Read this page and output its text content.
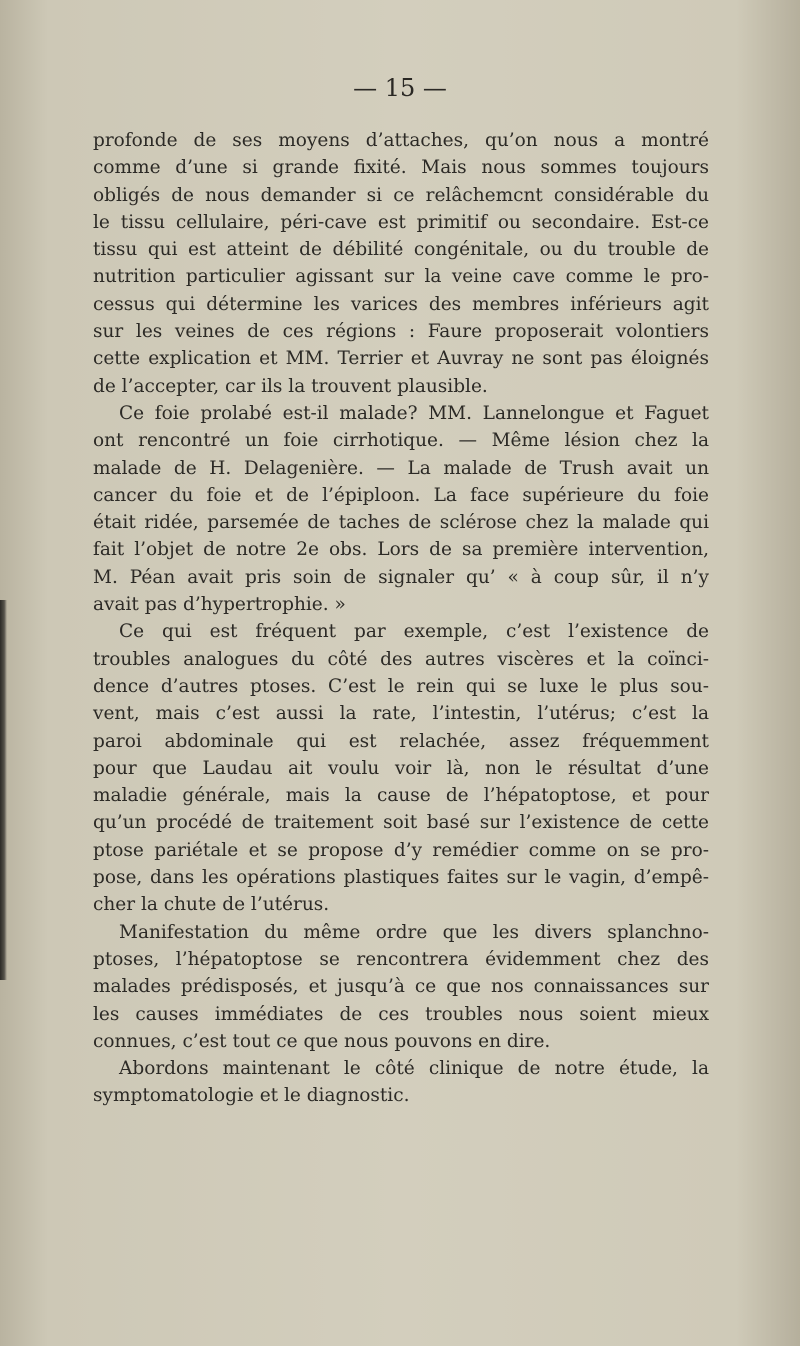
— 15 —
profonde de ses moyens d’attaches, qu’on nous a montré
comme d’une si grande fixité. Mais nous sommes toujours
obligés de nous demander si ce relâchemcnt considérable du
le tissu cellulaire, péri-cave est primitif ou secondaire. Est-ce
tissu qui est atteint de débilité congénitale, ou du trouble de
nutrition particulier agissant sur la veine cave comme le pro-
cessus qui détermine les varices des membres inférieurs agit
sur les veines de ces régions : Faure proposerait volontiers
cette explication et MM. Terrier et Auvray ne sont pas éloignés
de l’accepter, car ils la trouvent plausible.
Ce foie prolabé est-il malade? MM. Lannelongue et Faguet
ont rencontré un foie cirrhotique. — Même lésion chez la
malade de H. Delagenière. — La malade de Trush avait un
cancer du foie et de l’épiploon. La face supérieure du foie
était ridée, parsemée de taches de sclérose chez la malade qui
fait l’objet de notre 2e obs. Lors de sa première intervention,
M. Péan avait pris soin de signaler qu’ « à coup sûr, il n’y
avait pas d’hypertrophie. »
Ce qui est fréquent par exemple, c’est l’existence de
troubles analogues du côté des autres viscères et la coïnci-
dence d’autres ptoses. C’est le rein qui se luxe le plus sou-
vent, mais c’est aussi la rate, l’intestin, l’utérus; c’est la
paroi abdominale qui est relachée, assez fréquemment
pour que Laudau ait voulu voir là, non le résultat d’une
maladie générale, mais la cause de l’hépatoptose, et pour
qu’un procédé de traitement soit basé sur l’existence de cette
ptose pariétale et se propose d’y remédier comme on se pro-
pose, dans les opérations plastiques faites sur le vagin, d’empê-
cher la chute de l’utérus.
Manifestation du même ordre que les divers splanchno-
ptoses, l’hépatoptose se rencontrera évidemment chez des
malades prédisposés, et jusqu’à ce que nos connaissances sur
les causes immédiates de ces troubles nous soient mieux
connues, c’est tout ce que nous pouvons en dire.
Abordons maintenant le côté clinique de notre étude, la
symptomatologie et le diagnostic.
